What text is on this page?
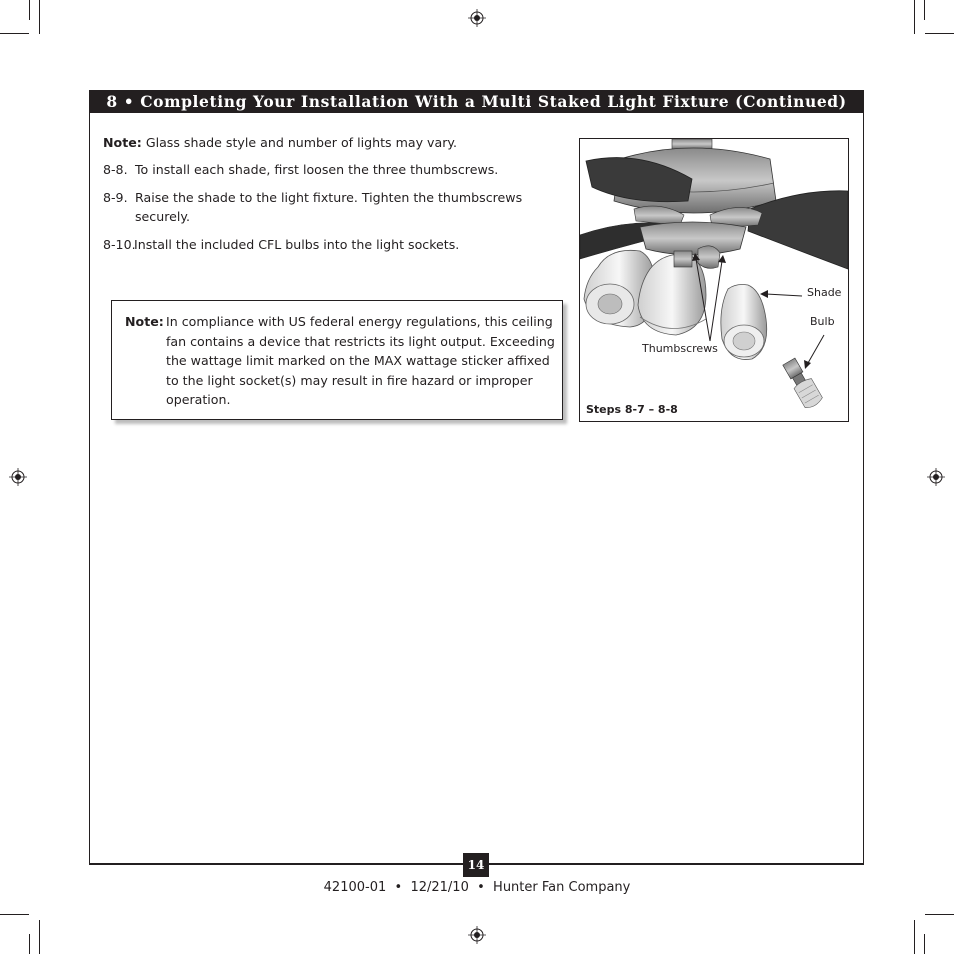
8 • Completing Your Installation With a Multi Staked Light Fixture (Continued)
Note: Glass shade style and number of lights may vary.
8-8. To install each shade, first loosen the three thumbscrews.
8-9. Raise the shade to the light fixture. Tighten the thumbscrews securely.
8-10.
Install the included CFL bulbs into the light sockets.
Note: In compliance with US federal energy regulations, this ceiling fan contains a device that restricts its light output. Exceeding the wattage limit marked on the MAX wattage sticker affixed to the light socket(s) may result in fire hazard or improper operation.
Shade
Bulb
Thumbscrews
Steps 8-7 – 8-8
14
42100-01 • 12/21/10 • Hunter Fan Company
